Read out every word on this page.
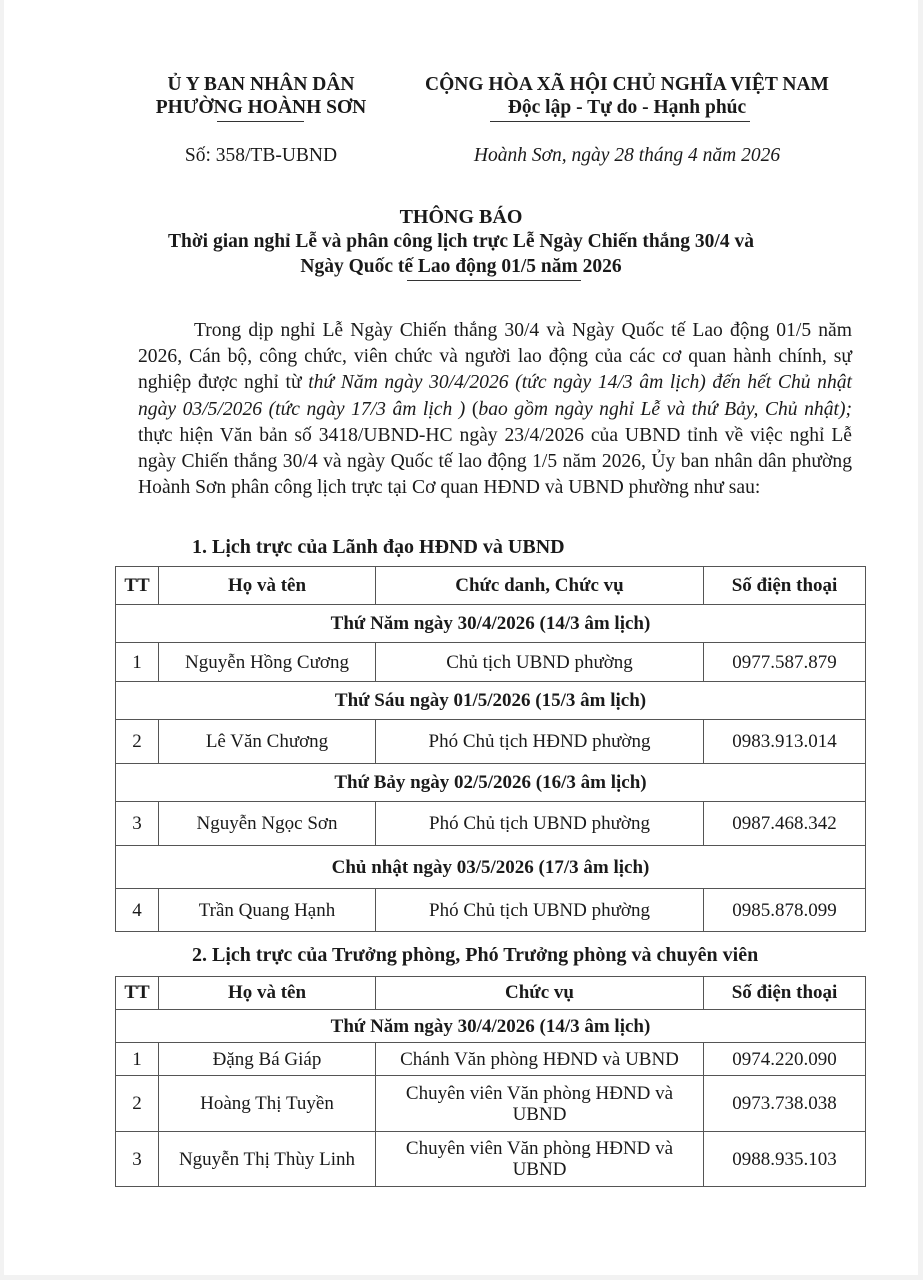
Ủ Y BAN NHÂN DÂN
PHƯỜNG HOÀNH SƠN
Số: 358/TB-UBND
CỘNG HÒA XÃ HỘI CHỦ NGHĨA VIỆT NAM
Độc lập - Tự do - Hạnh phúc
Hoành Sơn, ngày 28 tháng 4 năm 2026
THÔNG BÁO
Thời gian nghỉ Lễ và phân công lịch trực Lễ Ngày Chiến thắng 30/4 và
Ngày Quốc tế Lao động 01/5 năm 2026

Trong dịp nghỉ Lễ Ngày Chiến thắng 30/4 và Ngày Quốc tế Lao động 01/5 năm 2026, Cán bộ, công chức, viên chức và người lao động của các cơ quan hành chính, sự nghiệp được nghỉ từ thứ Năm ngày 30/4/2026 (tức ngày 14/3 âm lịch) đến hết Chủ nhật ngày 03/5/2026 (tức ngày 17/3 âm lịch ) (bao gồm ngày nghỉ Lễ và thứ Bảy, Chủ nhật); thực hiện Văn bản số 3418/UBND-HC ngày 23/4/2026 của UBND tỉnh về việc nghỉ Lễ ngày Chiến thắng 30/4 và ngày Quốc tế lao động 1/5 năm 2026, Ủy ban nhân dân phường Hoành Sơn phân công lịch trực tại Cơ quan HĐND và UBND phường như sau:

1. Lịch trực của Lãnh đạo HĐND và UBND
TT	Họ và tên	Chức danh, Chức vụ	Số điện thoại
Thứ Năm ngày 30/4/2026 (14/3 âm lịch)			
1	Nguyễn Hồng Cương	Chủ tịch UBND phường	0977.587.879
Thứ Sáu ngày 01/5/2026 (15/3 âm lịch)			
2	Lê Văn Chương	Phó Chủ tịch HĐND phường	0983.913.014
Thứ Bảy ngày 02/5/2026 (16/3 âm lịch)			
3	Nguyễn Ngọc Sơn	Phó Chủ tịch UBND phường	0987.468.342
Chủ nhật ngày 03/5/2026 (17/3 âm lịch)			
4	Trần Quang Hạnh	Phó Chủ tịch UBND phường	0985.878.099
2. Lịch trực của Trưởng phòng, Phó Trưởng phòng và chuyên viên
TT	Họ và tên	Chức vụ	Số điện thoại
Thứ Năm ngày 30/4/2026 (14/3 âm lịch)			
1	Đặng Bá Giáp	Chánh Văn phòng HĐND và UBND	0974.220.090
2	Hoàng Thị Tuyền	Chuyên viên Văn phòng HĐND và UBND	0973.738.038
3	Nguyễn Thị Thùy Linh	Chuyên viên Văn phòng HĐND và UBND	0988.935.103
